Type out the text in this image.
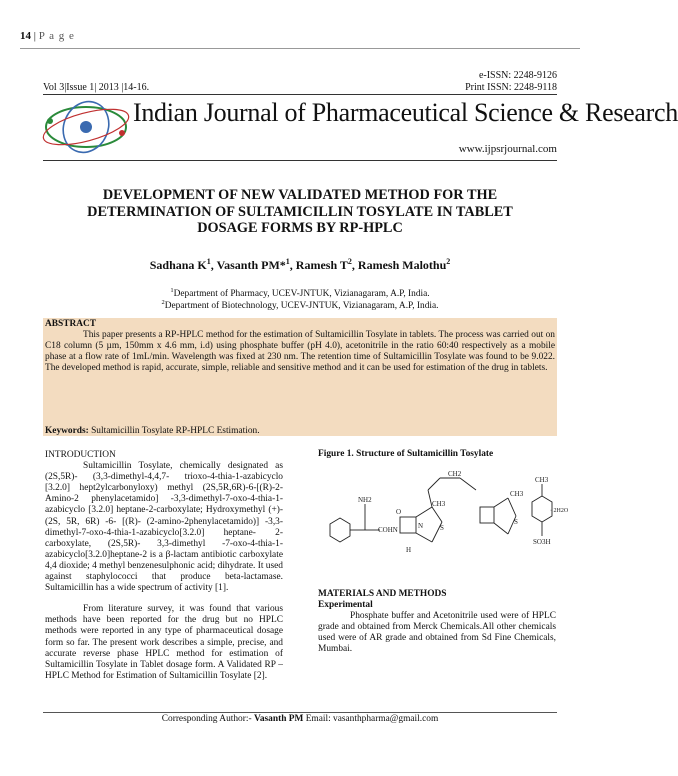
14 | P a g e
Vol 3|Issue 1| 2013 |14-16.
e-ISSN: 2248-9126
Print ISSN: 2248-9118
Indian Journal of Pharmaceutical Science & Research
www.ijpsrjournal.com
DEVELOPMENT OF NEW VALIDATED METHOD FOR THE DETERMINATION OF SULTAMICILLIN TOSYLATE IN TABLET DOSAGE FORMS BY RP-HPLC
Sadhana $K^1$, Vasanth PM*$^1$, Ramesh $T^2$, Ramesh Malothu$^2$
$^1$Department of Pharmacy, UCEV-JNTUK, Vizianagaram, A.P, India.
$^2$Department of Biotechnology, UCEV-JNTUK, Vizianagaram, A.P, India.
ABSTRACT
This paper presents a RP-HPLC method for the estimation of Sultamicillin Tosylate in tablets. The process was carried out on C18 column (5 µm, 150mm x 4.6 mm, i.d) using phosphate buffer (pH 4.0), acetonitrile in the ratio 60:40 respectively as a mobile phase at a flow rate of 1mL/min. Wavelength was fixed at 230 nm. The retention time of Sultamicillin Tosylate was found to be 9.022. The developed method is rapid, accurate, simple, reliable and sensitive method and it can be used for estimation of the drug in tablets.
Keywords: Sultamicillin Tosylate RP-HPLC Estimation.
INTRODUCTION

Sultamicillin Tosylate, chemically designated as (2S,5R)- (3,3-dimethyl-4,4,7- trioxo-4-thia-1-azabicyclo [3.2.0] hept2ylcarbonyloxy) methyl (2S,5R,6R)-6-[(R)-2-Amino-2 phenylacetamido] -3,3-dimethyl-7-oxo-4-thia-1-azabicyclo [3.2.0] heptane-2-carboxylate; Hydroxymethyl (+)- (2S, 5R, 6R) -6- [(R)- (2-amino-2phenylacetamido)] -3,3-dimethyl-7-oxo-4-thia-1-azabicyclo[3.2.0] heptane- 2-carboxylate, (2S,5R)- 3,3-dimethyl -7-oxo-4-thia-1-azabicyclo[3.2.0]heptane-2 is a β-lactam antibiotic carboxylate 4,4 dioxide; 4 methyl benzenesulphonic acid; dihydrate. It used against staphylococci that produce beta-lactamase. Sultamicillin has a wide spectrum of activity [1].

From literature survey, it was found that various methods have been reported for the drug but no HPLC methods were reported in any type of pharmaceutical dosage form so far. The present work describes a simple, precise, and accurate reverse phase HPLC method for estimation of Sultamicillin Tosylate in Tablet dosage form. A Validated RP – HPLC Method for Estimation of Sultamicillin Tosylate [2].

Figure 1. Structure of Sultamicillin Tosylate
NH2
COHN
CH2
CH3
S
N
H
O
CH3
S
CH3
SO3H
· 2H2O
MATERIALS AND METHODS
Experimental
Phosphate buffer and Acetonitrile used were of HPLC grade and obtained from Merck Chemicals.All other chemicals used were of AR grade and obtained from Sd Fine Chemicals, Mumbai.
Corresponding Author:- Vasanth PM Email: vasanthpharma@gmail.com
